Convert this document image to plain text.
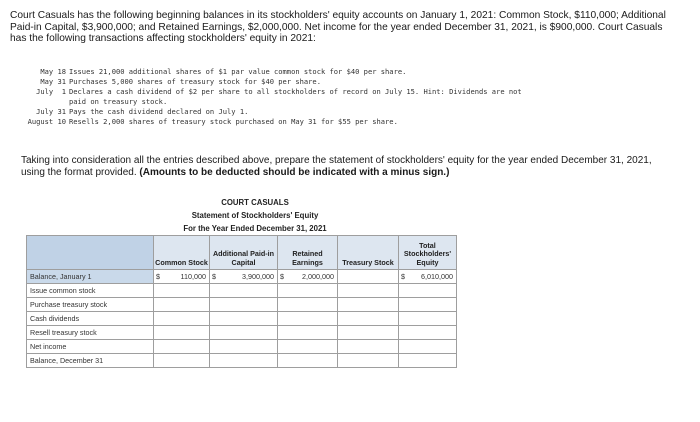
Court Casuals has the following beginning balances in its stockholders' equity accounts on January 1, 2021: Common Stock, $110,000; Additional Paid-in Capital, $3,900,000; and Retained Earnings, $2,000,000. Net income for the year ended December 31, 2021, is $900,000. Court Casuals has the following transactions affecting stockholders' equity in 2021:
May 18 Issues 21,000 additional shares of $1 par value common stock for $40 per share.
May 31 Purchases 5,000 shares of treasury stock for $40 per share.
July  1 Declares a cash dividend of $2 per share to all stockholders of record on July 15. Hint: Dividends are not
paid on treasury stock.
July 31 Pays the cash dividend declared on July 1.
August 10 Resells 2,000 shares of treasury stock purchased on May 31 for $55 per share.
Taking into consideration all the entries described above, prepare the statement of stockholders' equity for the year ended December 31, 2021, using the format provided. (Amounts to be deducted should be indicated with a minus sign.)
COURT CASUALS
Statement of Stockholders' Equity
For the Year Ended December 31, 2021
	Common Stock	Additional Paid-in Capital	Retained Earnings	Treasury Stock	Total Stockholders' Equity
Balance, January 1	$ 110,000	$ 3,900,000	$ 2,000,000		$ 6,010,000

Issue common stock					
Purchase treasury stock					
Cash dividends					
Resell treasury stock					
Net income					
Balance, December 31					
